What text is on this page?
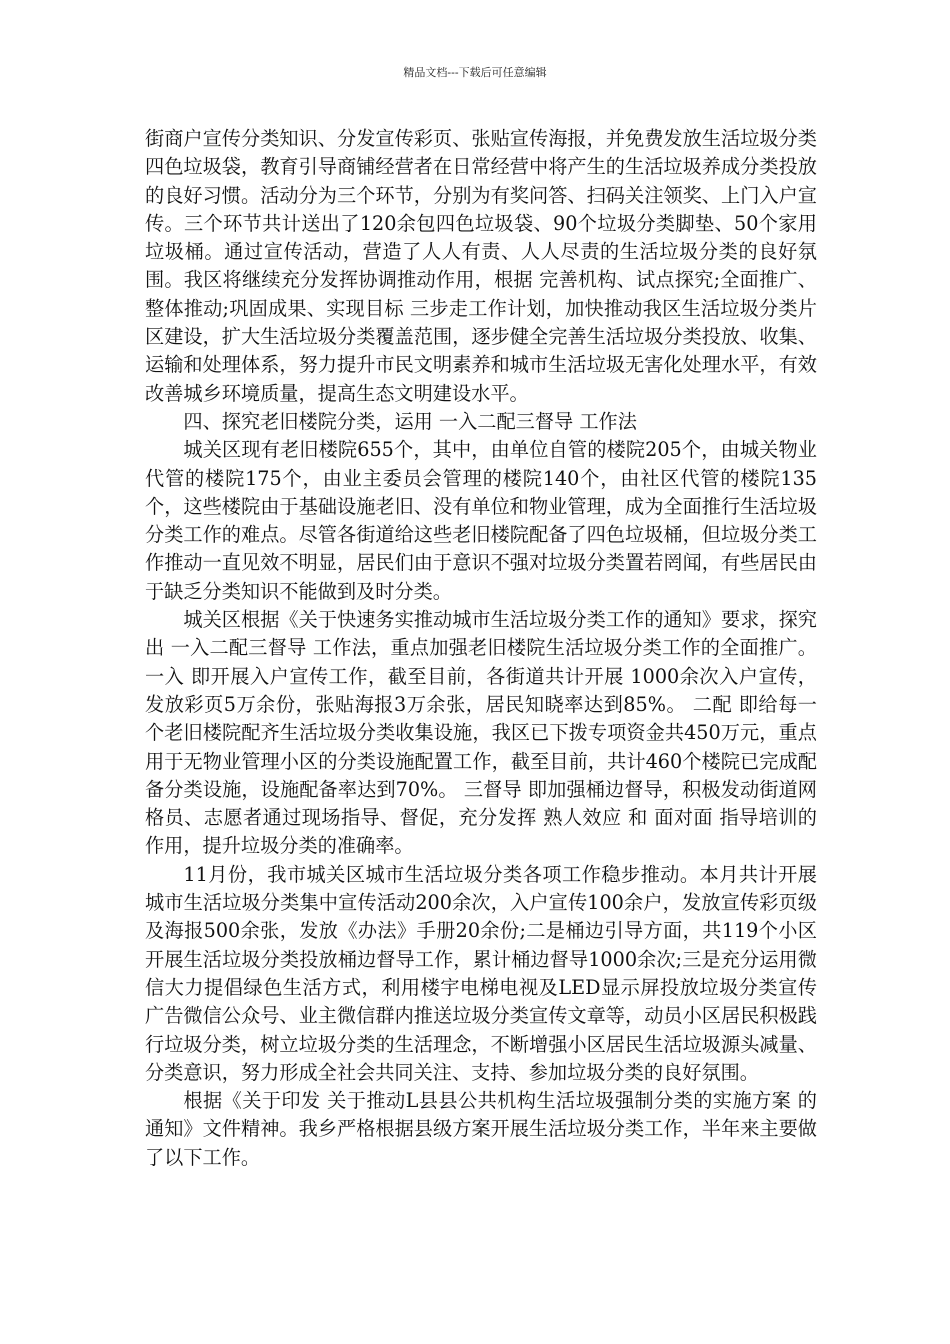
精品文档---下载后可任意编辑

街商户宣传分类知识、分发宣传彩页、张贴宣传海报，并免费发放生活垃圾分类四色垃圾袋，教育引导商铺经营者在日常经营中将产生的生活垃圾养成分类投放的良好习惯。活动分为三个环节，分别为有奖问答、扫码关注领奖、上门入户宣传。三个环节共计送出了120余包四色垃圾袋、90个垃圾分类脚垫、50个家用垃圾桶。通过宣传活动，营造了人人有责、人人尽责的生活垃圾分类的良好氛围。我区将继续充分发挥协调推动作用，根据 完善机构、试点探究;全面推广、整体推动;巩固成果、实现目标 三步走工作计划，加快推动我区生活垃圾分类片区建设，扩大生活垃圾分类覆盖范围，逐步健全完善生活垃圾分类投放、收集、运输和处理体系，努力提升市民文明素养和城市生活垃圾无害化处理水平，有效改善城乡环境质量，提高生态文明建设水平。

四、探究老旧楼院分类，运用 一入二配三督导 工作法

城关区现有老旧楼院655个，其中，由单位自管的楼院205个，由城关物业代管的楼院175个，由业主委员会管理的楼院140个，由社区代管的楼院135个，这些楼院由于基础设施老旧、没有单位和物业管理，成为全面推行生活垃圾分类工作的难点。尽管各街道给这些老旧楼院配备了四色垃圾桶，但垃圾分类工作推动一直见效不明显，居民们由于意识不强对垃圾分类置若罔闻，有些居民由于缺乏分类知识不能做到及时分类。

城关区根据《关于快速务实推动城市生活垃圾分类工作的通知》要求，探究出 一入二配三督导 工作法，重点加强老旧楼院生活垃圾分类工作的全面推广。 一入 即开展入户宣传工作，截至目前，各街道共计开展 1000余次入户宣传，发放彩页5万余份，张贴海报3万余张，居民知晓率达到85%。 二配 即给每一个老旧楼院配齐生活垃圾分类收集设施，我区已下拨专项资金共450万元，重点用于无物业管理小区的分类设施配置工作，截至目前，共计460个楼院已完成配备分类设施，设施配备率达到70%。 三督导 即加强桶边督导，积极发动街道网格员、志愿者通过现场指导、督促，充分发挥 熟人效应 和 面对面 指导培训的作用，提升垃圾分类的准确率。

11月份，我市城关区城市生活垃圾分类各项工作稳步推动。本月共计开展城市生活垃圾分类集中宣传活动200余次，入户宣传100余户，发放宣传彩页级及海报500余张，发放《办法》手册20余份;二是桶边引导方面，共119个小区开展生活垃圾分类投放桶边督导工作，累计桶边督导1000余次;三是充分运用微信大力提倡绿色生活方式，利用楼宇电梯电视及LED显示屏投放垃圾分类宣传广告微信公众号、业主微信群内推送垃圾分类宣传文章等，动员小区居民积极践行垃圾分类，树立垃圾分类的生活理念，不断增强小区居民生活垃圾源头减量、分类意识，努力形成全社会共同关注、支持、参加垃圾分类的良好氛围。

根据《关于印发 关于推动L县县公共机构生活垃圾强制分类的实施方案 的通知》文件精神。我乡严格根据县级方案开展生活垃圾分类工作，半年来主要做了以下工作。
